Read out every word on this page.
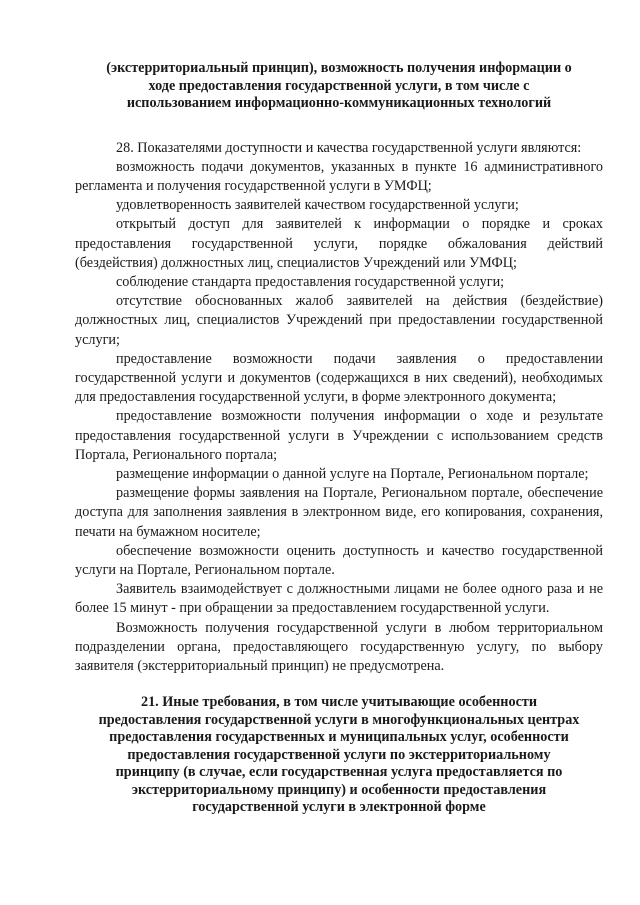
(экстерриториальный принцип), возможность получения информации о
ходе предоставления государственной услуги, в том числе с
использованием информационно-коммуникационных технологий

28. Показателями доступности и качества государственной услуги являются:

возможность подачи документов, указанных в пункте 16 административного регламента и получения государственной услуги в УМФЦ;

удовлетворенность заявителей качеством государственной услуги;

открытый доступ для заявителей к информации о порядке и сроках предоставления государственной услуги, порядке обжалования действий (бездействия) должностных лиц, специалистов Учреждений или УМФЦ;

соблюдение стандарта предоставления государственной услуги;

отсутствие обоснованных жалоб заявителей на действия (бездействие) должностных лиц, специалистов Учреждений при предоставлении государственной услуги;

предоставление возможности подачи заявления о предоставлении государственной услуги и документов (содержащихся в них сведений), необходимых для предоставления государственной услуги, в форме электронного документа;

предоставление возможности получения информации о ходе и результате предоставления государственной услуги в Учреждении с использованием средств Портала, Регионального портала;

размещение информации о данной услуге на Портале, Региональном портале;

размещение формы заявления на Портале, Региональном портале, обеспечение доступа для заполнения заявления в электронном виде, его копирования, сохранения, печати на бумажном носителе;

обеспечение возможности оценить доступность и качество государственной услуги на Портале, Региональном портале.

Заявитель взаимодействует с должностными лицами не более одного раза и не более 15 минут - при обращении за предоставлением государственной услуги.

Возможность получения государственной услуги в любом территориальном подразделении органа, предоставляющего государственную услугу, по выбору заявителя (экстерриториальный принцип) не предусмотрена.

21. Иные требования, в том числе учитывающие особенности
предоставления государственной услуги в многофункциональных центрах
предоставления государственных и муниципальных услуг, особенности
предоставления государственной услуги по экстерриториальному
принципу (в случае, если государственная услуга предоставляется по
экстерриториальному принципу) и особенности предоставления
государственной услуги в электронной форме
